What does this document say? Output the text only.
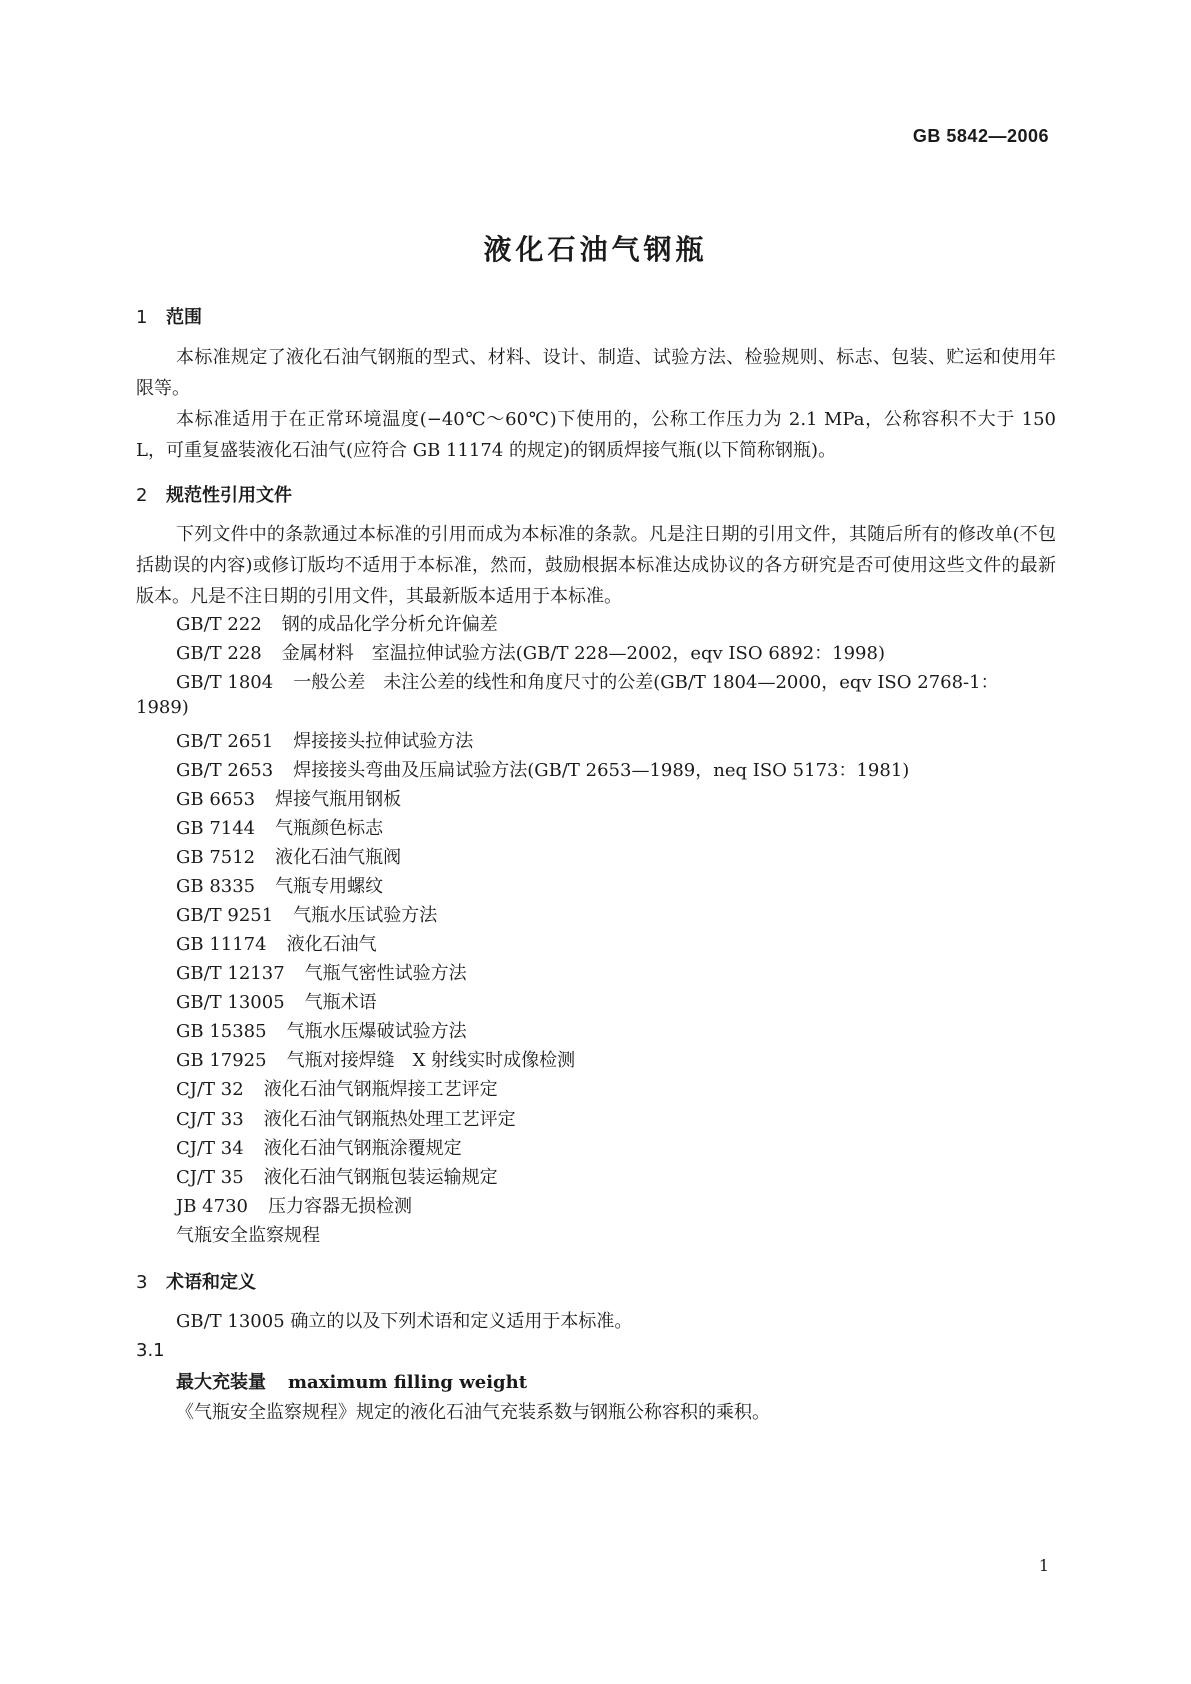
GB 5842—2006
液化石油气钢瓶
1 范围
本标准规定了液化石油气钢瓶的型式、材料、设计、制造、试验方法、检验规则、标志、包装、贮运和使用年限等。
本标准适用于在正常环境温度(−40℃～60℃)下使用的，公称工作压力为 2.1 MPa，公称容积不大于 150 L，可重复盛装液化石油气(应符合 GB 11174 的规定)的钢质焊接气瓶(以下简称钢瓶)。
2 规范性引用文件
下列文件中的条款通过本标准的引用而成为本标准的条款。凡是注日期的引用文件，其随后所有的修改单(不包括勘误的内容)或修订版均不适用于本标准，然而，鼓励根据本标准达成协议的各方研究是否可使用这些文件的最新版本。凡是不注日期的引用文件，其最新版本适用于本标准。
GB/T 222 钢的成品化学分析允许偏差
GB/T 228 金属材料　室温拉伸试验方法(GB/T 228—2002，eqv ISO 6892：1998)
GB/T 1804 一般公差　未注公差的线性和角度尺寸的公差(GB/T 1804—2000，eqv ISO 2768-1：
1989)
GB/T 2651 焊接接头拉伸试验方法
GB/T 2653 焊接接头弯曲及压扁试验方法(GB/T 2653—1989，neq ISO 5173：1981)
GB 6653 焊接气瓶用钢板
GB 7144 气瓶颜色标志
GB 7512 液化石油气瓶阀
GB 8335 气瓶专用螺纹
GB/T 9251 气瓶水压试验方法
GB 11174 液化石油气
GB/T 12137 气瓶气密性试验方法
GB/T 13005 气瓶术语
GB 15385 气瓶水压爆破试验方法
GB 17925 气瓶对接焊缝　X 射线实时成像检测
CJ/T 32 液化石油气钢瓶焊接工艺评定
CJ/T 33 液化石油气钢瓶热处理工艺评定
CJ/T 34 液化石油气钢瓶涂覆规定
CJ/T 35 液化石油气钢瓶包装运输规定
JB 4730 压力容器无损检测
气瓶安全监察规程
3 术语和定义
GB/T 13005 确立的以及下列术语和定义适用于本标准。
3.1
最大充装量 maximum filling weight
《气瓶安全监察规程》规定的液化石油气充装系数与钢瓶公称容积的乘积。
1
